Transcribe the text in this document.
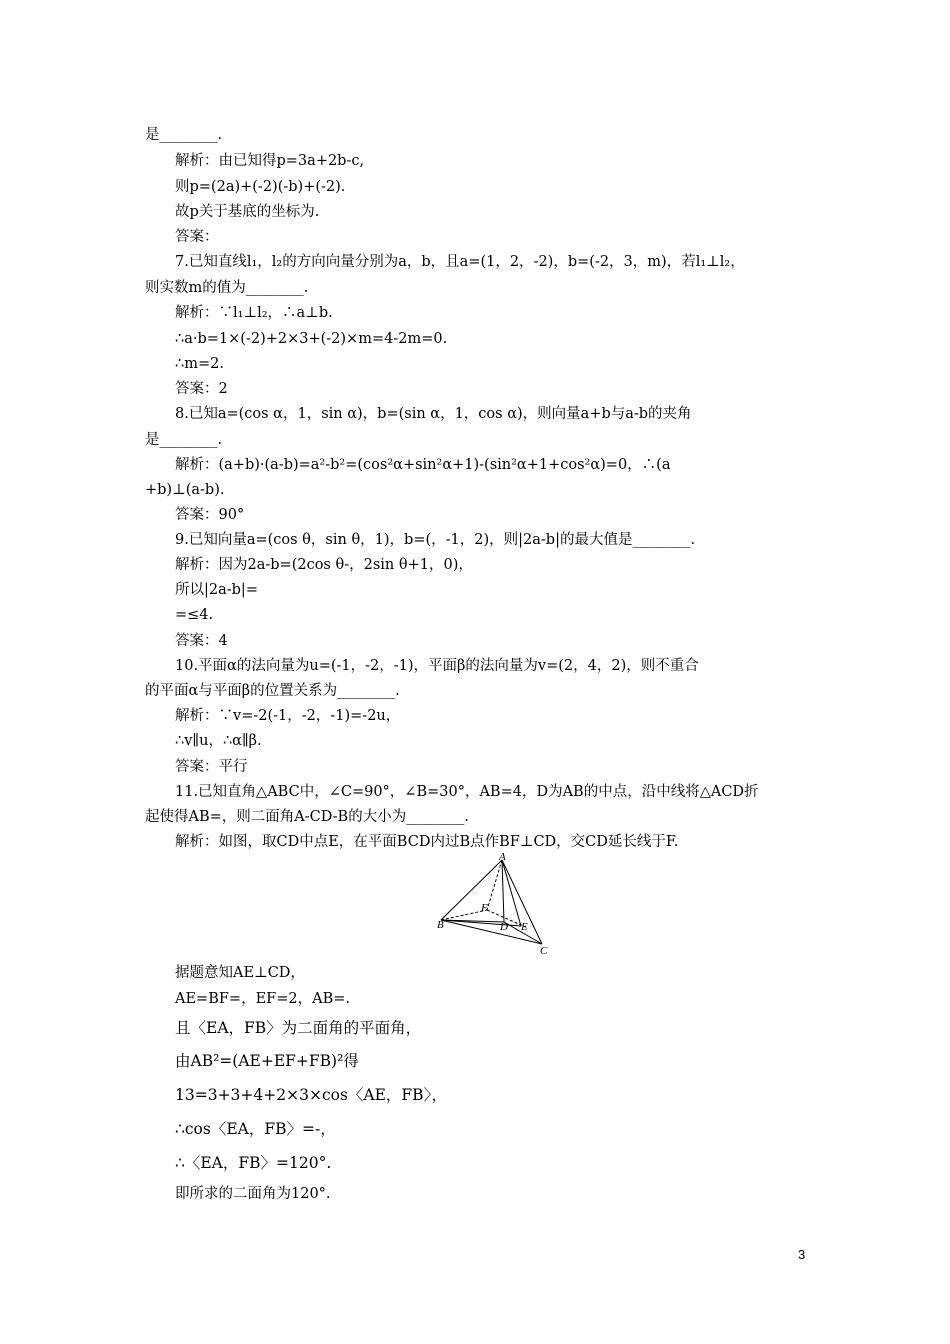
是________.
解析：由已知得p=3a+2b-c,
则p=(2a)+(-2)(-b)+(-2).
故p关于基底的坐标为.
答案：
7.已知直线l₁，l₂的方向向量分别为a，b，且a=(1，2，-2)，b=(-2，3，m)，若l₁⊥l₂，
则实数m的值为________.
解析：∵l₁⊥l₂，∴a⊥b.
∴a·b=1×(-2)+2×3+(-2)×m=4-2m=0.
∴m=2.
答案：2
8.已知a=(cos α，1，sin α)，b=(sin α，1，cos α)，则向量a+b与a-b的夹角
是________.
解析：(a+b)·(a-b)=a²-b²=(cos²α+sin²α+1)-(sin²α+1+cos²α)=0，∴(a
+b)⊥(a-b).
答案：90°
9.已知向量a=(cos θ，sin θ，1)，b=(，-1，2)，则|2a-b|的最大值是________.
解析：因为2a-b=(2cos θ-，2sin θ+1，0)，
所以|2a-b|=
=≤4.
答案：4
10.平面α的法向量为u=(-1，-2，-1)，平面β的法向量为v=(2，4，2)，则不重合
的平面α与平面β的位置关系为________.
解析：∵v=-2(-1，-2，-1)=-2u，
∴v∥u，∴α∥β.
答案：平行
11.已知直角△ABC中，∠C=90°，∠B=30°，AB=4，D为AB的中点，沿中线将△ACD折
起使得AB=，则二面角A-CD-B的大小为________.
解析：如图，取CD中点E，在平面BCD内过B点作BF⊥CD，交CD延长线于F.
A
B
C
D E
F
据题意知AE⊥CD，
AE=BF=，EF=2，AB=.
且〈EA，FB〉为二面角的平面角，
由AB²=(AE+EF+FB)²得
13=3+3+4+2×3×cos〈AE，FB〉，
∴cos〈EA，FB〉=-，
∴〈EA，FB〉=120°.
即所求的二面角为120°.
3
